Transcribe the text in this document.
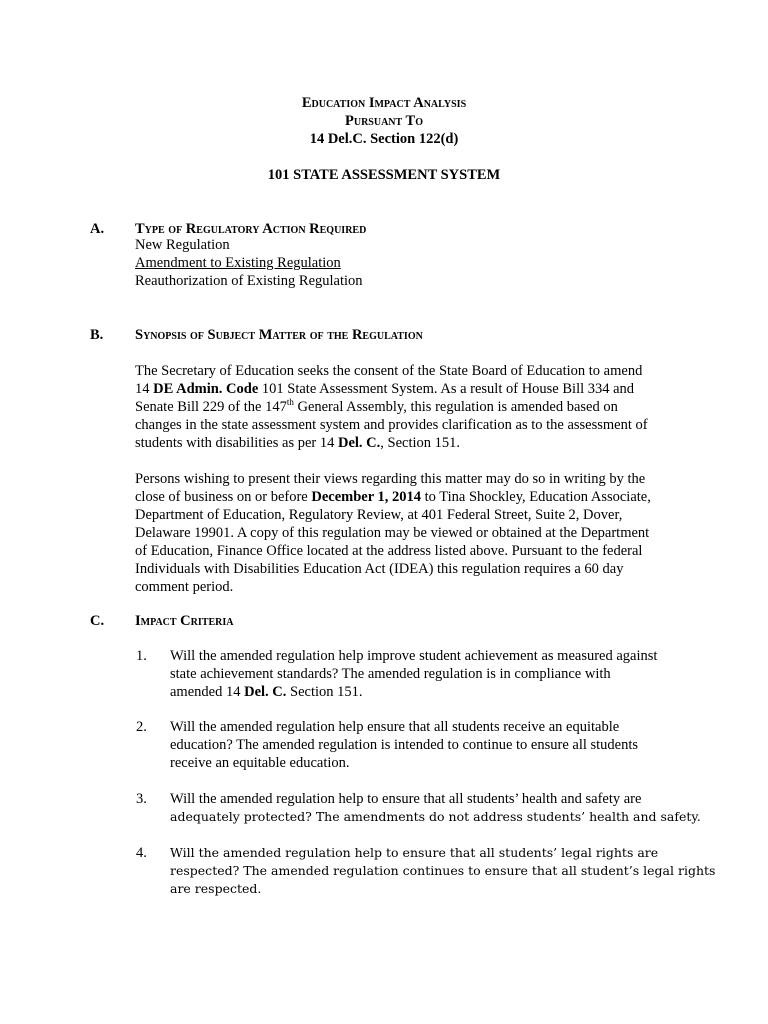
Education Impact Analysis
Pursuant To
14 Del.C. Section 122(d)
101 STATE ASSESSMENT SYSTEM
A. Type of Regulatory Action Required
New Regulation
Amendment to Existing Regulation
Reauthorization of Existing Regulation
B. Synopsis of Subject Matter of the Regulation
The Secretary of Education seeks the consent of the State Board of Education to amend
14 DE Admin. Code 101 State Assessment System. As a result of House Bill 334 and
Senate Bill 229 of the 147th General Assembly, this regulation is amended based on
changes in the state assessment system and provides clarification as to the assessment of
students with disabilities as per 14 Del. C., Section 151.
Persons wishing to present their views regarding this matter may do so in writing by the
close of business on or before December 1, 2014 to Tina Shockley, Education Associate,
Department of Education, Regulatory Review, at 401 Federal Street, Suite 2, Dover,
Delaware 19901. A copy of this regulation may be viewed or obtained at the Department
of Education, Finance Office located at the address listed above. Pursuant to the federal
Individuals with Disabilities Education Act (IDEA) this regulation requires a 60 day
comment period.
C. Impact Criteria
1. Will the amended regulation help improve student achievement as measured against
state achievement standards? The amended regulation is in compliance with
amended 14 Del. C. Section 151.
2. Will the amended regulation help ensure that all students receive an equitable
education? The amended regulation is intended to continue to ensure all students
receive an equitable education.
3. Will the amended regulation help to ensure that all students’ health and safety are
adequately protected? The amendments do not address students’ health and safety.
4. Will the amended regulation help to ensure that all students’ legal rights are
respected? The amended regulation continues to ensure that all student’s legal rights
are respected.
